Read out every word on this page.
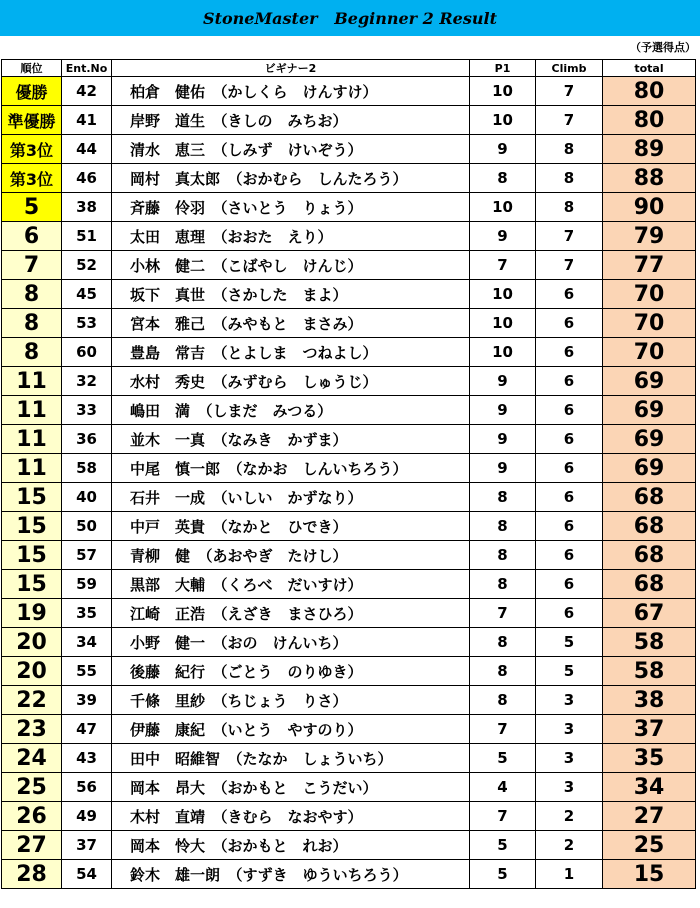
StoneMaster   Beginner 2 Result
（予選得点）
順位	Ent.No	ビギナー2	P1	Climb	total
優勝	42	柏倉　健佑　（かしくら　けんすけ）	10	7	80
準優勝	41	岸野　道生　（きしの　みちお）	10	7	80
第3位	44	清水　恵三　（しみず　けいぞう）	9	8	89
第3位	46	岡村　真太郎　（おかむら　しんたろう）	8	8	88
5	38	斉藤　伶羽　（さいとう　りょう）	10	8	90
6	51	太田　恵理　（おおた　えり）	9	7	79
7	52	小林　健二　（こばやし　けんじ）	7	7	77
8	45	坂下　真世　（さかした　まよ）	10	6	70
8	53	宮本　雅己　（みやもと　まさみ）	10	6	70
8	60	豊島　常吉　（とよしま　つねよし）	10	6	70
11	32	水村　秀史　（みずむら　しゅうじ）	9	6	69
11	33	嶋田　満　（しまだ　みつる）	9	6	69
11	36	並木　一真　（なみき　かずま）	9	6	69
11	58	中尾　慎一郎　（なかお　しんいちろう）	9	6	69
15	40	石井　一成　（いしい　かずなり）	8	6	68
15	50	中戸　英貴　（なかと　ひでき）	8	6	68
15	57	青柳　健　（あおやぎ　たけし）	8	6	68
15	59	黒部　大輔　（くろべ　だいすけ）	8	6	68
19	35	江崎　正浩　（えざき　まさひろ）	7	6	67
20	34	小野　健一　（おの　けんいち）	8	5	58
20	55	後藤　紀行　（ごとう　のりゆき）	8	5	58
22	39	千條　里紗　（ちじょう　りさ）	8	3	38
23	47	伊藤　康紀　（いとう　やすのり）	7	3	37
24	43	田中　昭維智　（たなか　しょういち）	5	3	35
25	56	岡本　昂大　（おかもと　こうだい）	4	3	34
26	49	木村　直靖　（きむら　なおやす）	7	2	27
27	37	岡本　怜大　（おかもと　れお）	5	2	25
28	54	鈴木　雄一朗　（すずき　ゆういちろう）	5	1	15
